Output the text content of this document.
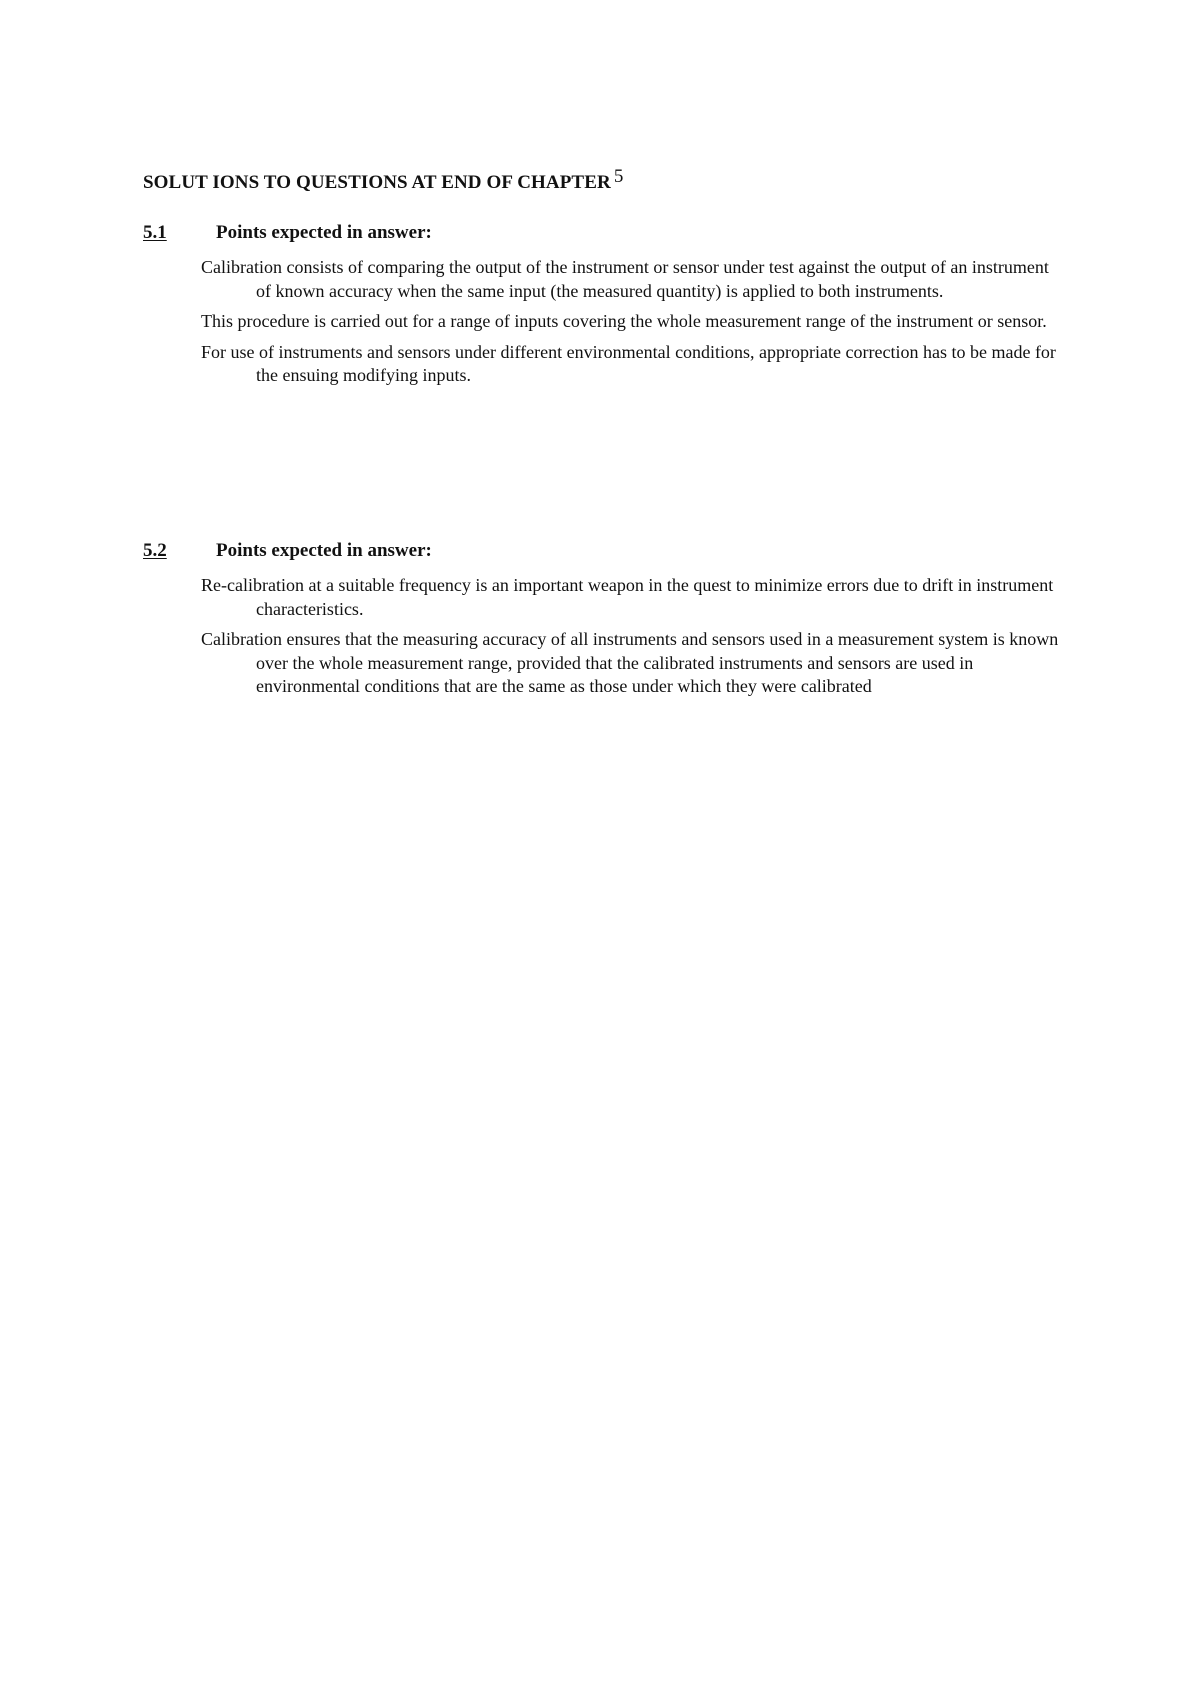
SOLUT IONS TO QUESTIONS AT END OF CHAPTER $^5$
5.1	Points expected in answer:
Calibration consists of comparing the output of the instrument or sensor under test against the output of an instrument of known accuracy when the same input (the measured quantity) is applied to both instruments.
This procedure is carried out for a range of inputs covering the whole measurement range of the instrument or sensor.
For use of instruments and sensors under different environmental conditions, appropriate correction has to be made for the ensuing modifying inputs.
5.2	Points expected in answer:
Re-calibration at a suitable frequency is an important weapon in the quest to minimize errors due to drift in instrument characteristics.
Calibration ensures that the measuring accuracy of all instruments and sensors used in a measurement system is known over the whole measurement range, provided that the calibrated instruments and sensors are used in environmental conditions that are the same as those under which they were calibrated
